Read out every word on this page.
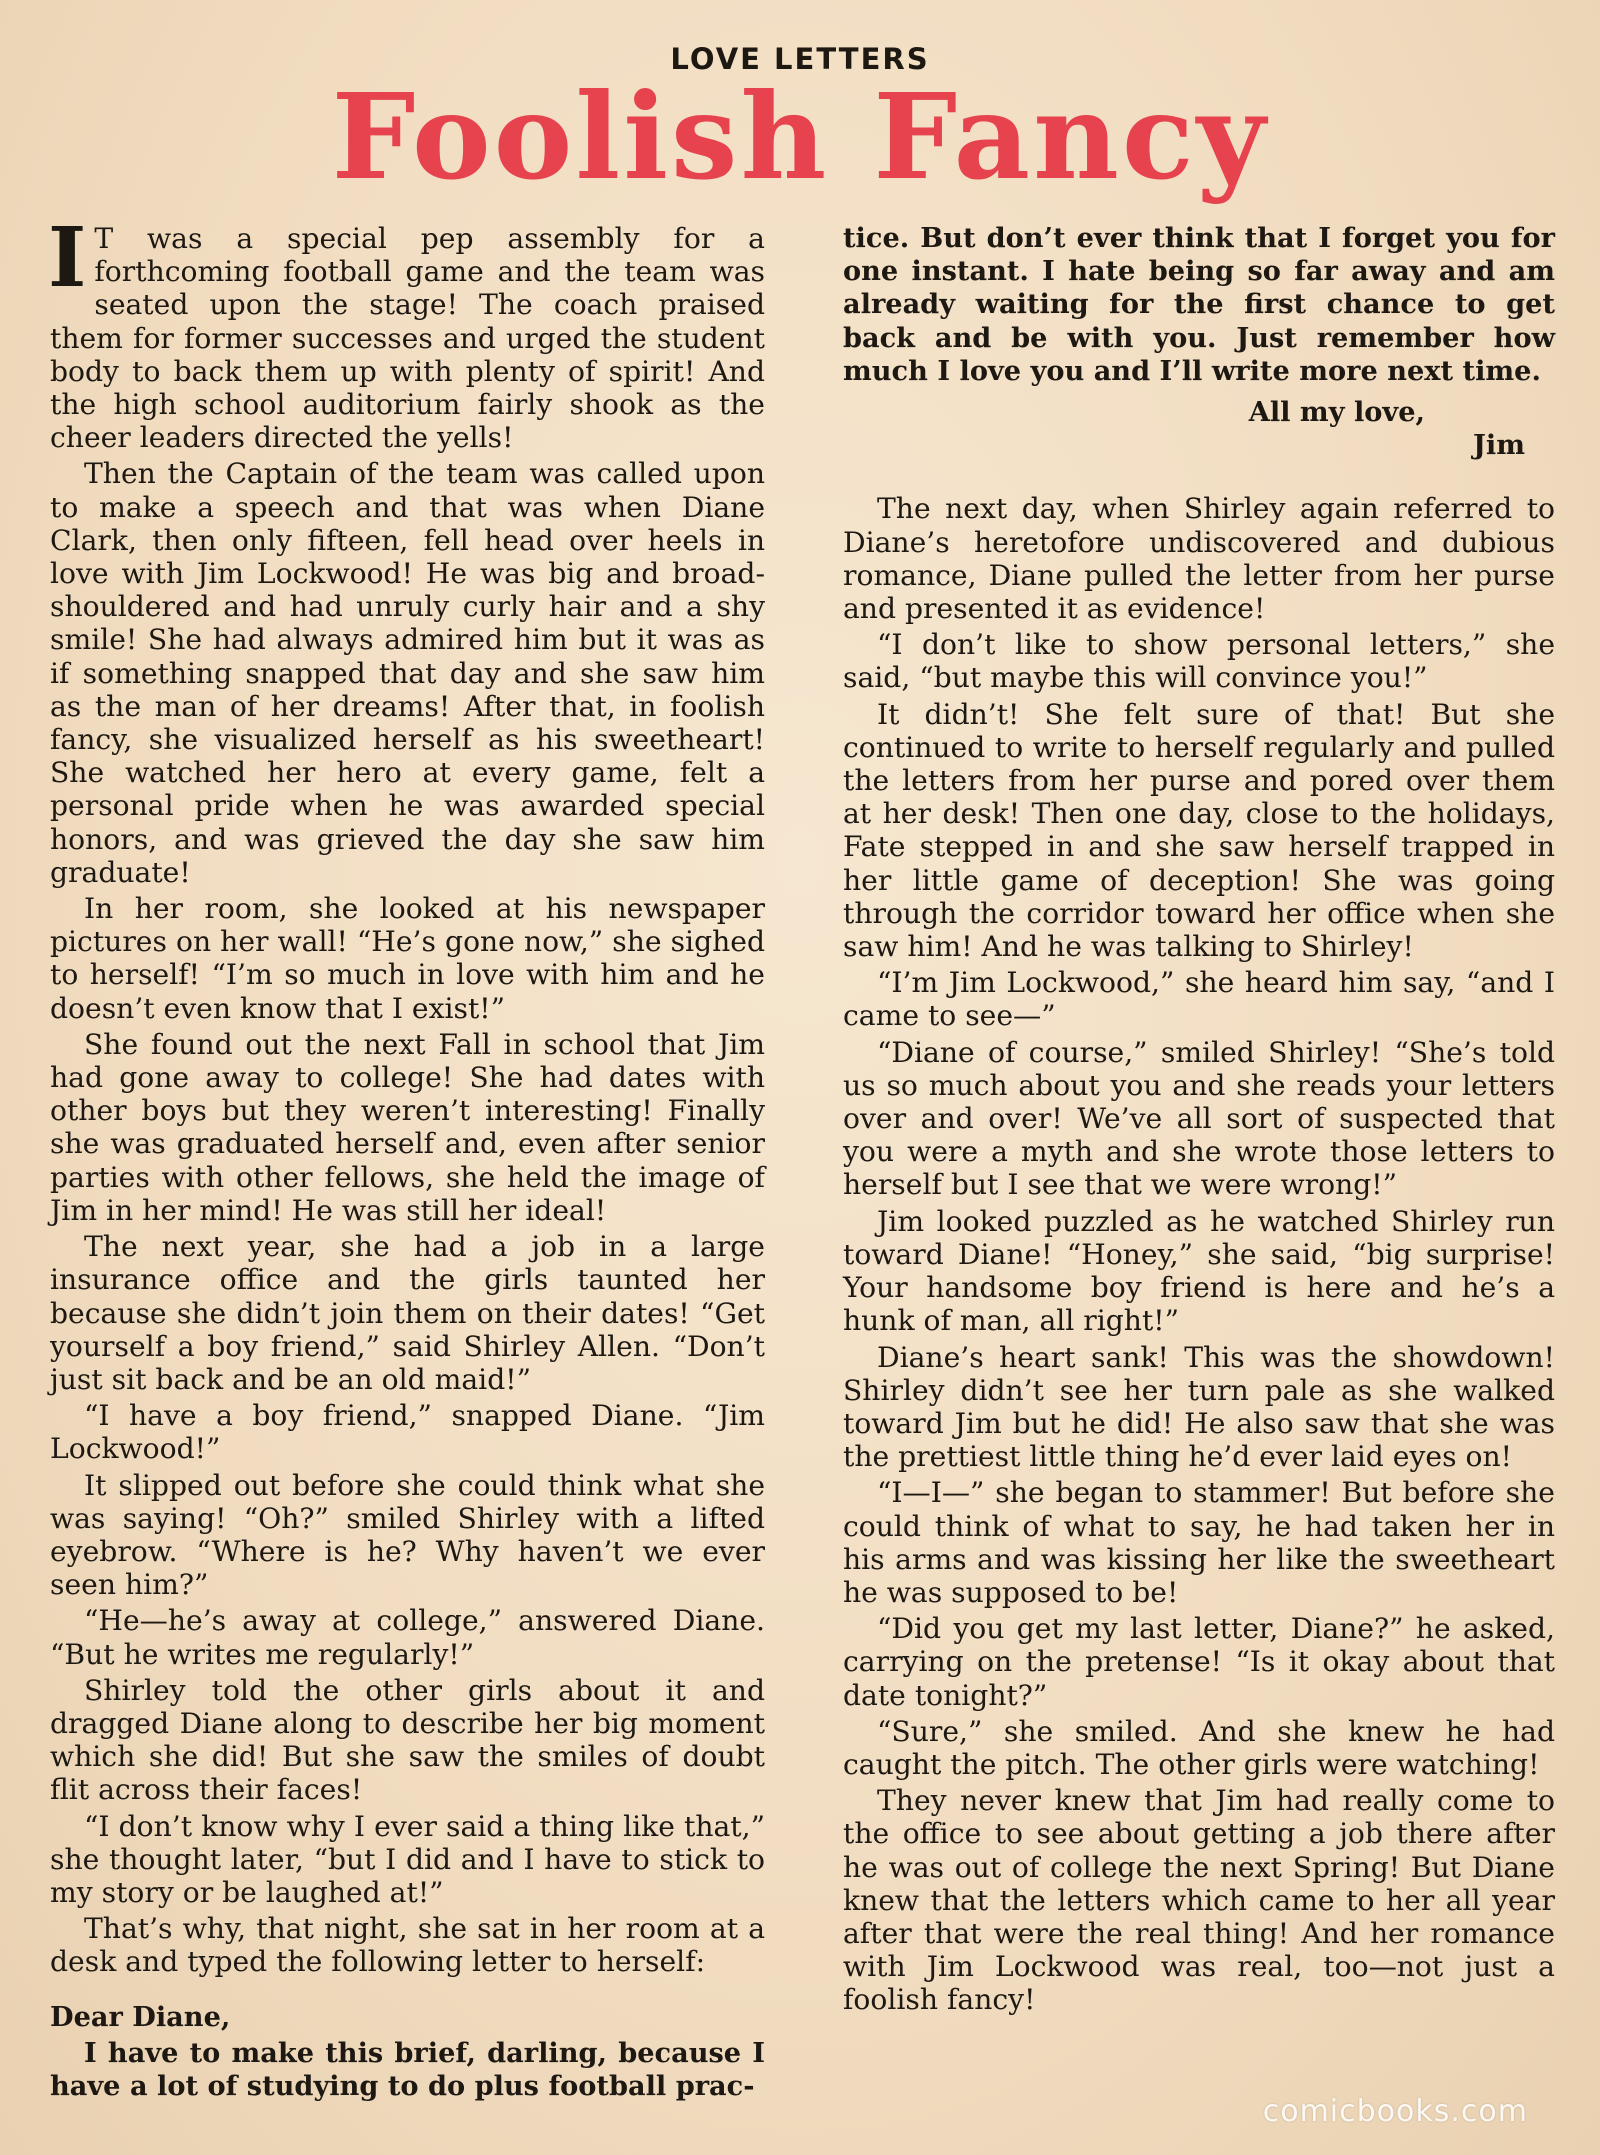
LOVE LETTERS
Foolish Fancy

I T was a special pep assembly for a forthcoming football game and the team was seated upon the stage! The coach praised them for former successes and urged the student body to back them up with plenty of spirit! And the high school auditorium fairly shook as the cheer leaders directed the yells!

Then the Captain of the team was called upon to make a speech and that was when Diane Clark, then only fifteen, fell head over heels in love with Jim Lockwood! He was big and broad-shouldered and had unruly curly hair and a shy smile! She had always admired him but it was as if something snapped that day and she saw him as the man of her dreams! After that, in foolish fancy, she visualized herself as his sweetheart! She watched her hero at every game, felt a personal pride when he was awarded special honors, and was grieved the day she saw him graduate!

In her room, she looked at his newspaper pictures on her wall! “He’s gone now,” she sighed to herself! “I’m so much in love with him and he doesn’t even know that I exist!”

She found out the next Fall in school that Jim had gone away to college! She had dates with other boys but they weren’t interesting! Finally she was graduated herself and, even after senior parties with other fellows, she held the image of Jim in her mind! He was still her ideal!

The next year, she had a job in a large insurance office and the girls taunted her because she didn’t join them on their dates! “Get yourself a boy friend,” said Shirley Allen. “Don’t just sit back and be an old maid!”

“I have a boy friend,” snapped Diane. “Jim Lockwood!”

It slipped out before she could think what she was saying! “Oh?” smiled Shirley with a lifted eyebrow. “Where is he? Why haven’t we ever seen him?”

“He—he’s away at college,” answered Diane. “But he writes me regularly!”

Shirley told the other girls about it and dragged Diane along to describe her big moment which she did! But she saw the smiles of doubt flit across their faces!

“I don’t know why I ever said a thing like that,” she thought later, “but I did and I have to stick to my story or be laughed at!”

That’s why, that night, she sat in her room at a desk and typed the following letter to herself:

Dear Diane,

I have to make this brief, darling, because I have a lot of studying to do plus football prac-

tice. But don’t ever think that I forget you for one instant. I hate being so far away and am already waiting for the first chance to get back and be with you. Just remember how much I love you and I’ll write more next time.

All my love,

Jim

The next day, when Shirley again referred to Diane’s heretofore undiscovered and dubious romance, Diane pulled the letter from her purse and presented it as evidence!

“I don’t like to show personal letters,” she said, “but maybe this will convince you!”

It didn’t! She felt sure of that! But she continued to write to herself regularly and pulled the letters from her purse and pored over them at her desk! Then one day, close to the holidays, Fate stepped in and she saw herself trapped in her little game of deception! She was going through the corridor toward her office when she saw him! And he was talking to Shirley!

“I’m Jim Lockwood,” she heard him say, “and I came to see—”

“Diane of course,” smiled Shirley! “She’s told us so much about you and she reads your letters over and over! We’ve all sort of suspected that you were a myth and she wrote those letters to herself but I see that we were wrong!”

Jim looked puzzled as he watched Shirley run toward Diane! “Honey,” she said, “big surprise! Your handsome boy friend is here and he’s a hunk of man, all right!”

Diane’s heart sank! This was the showdown! Shirley didn’t see her turn pale as she walked toward Jim but he did! He also saw that she was the prettiest little thing he’d ever laid eyes on!

“I—I—” she began to stammer! But before she could think of what to say, he had taken her in his arms and was kissing her like the sweetheart he was supposed to be!

“Did you get my last letter, Diane?” he asked, carrying on the pretense! “Is it okay about that date tonight?”

“Sure,” she smiled. And she knew he had caught the pitch. The other girls were watching!

They never knew that Jim had really come to the office to see about getting a job there after he was out of college the next Spring! But Diane knew that the letters which came to her all year after that were the real thing! And her romance with Jim Lockwood was real, too—not just a foolish fancy!

comicbooks.com
